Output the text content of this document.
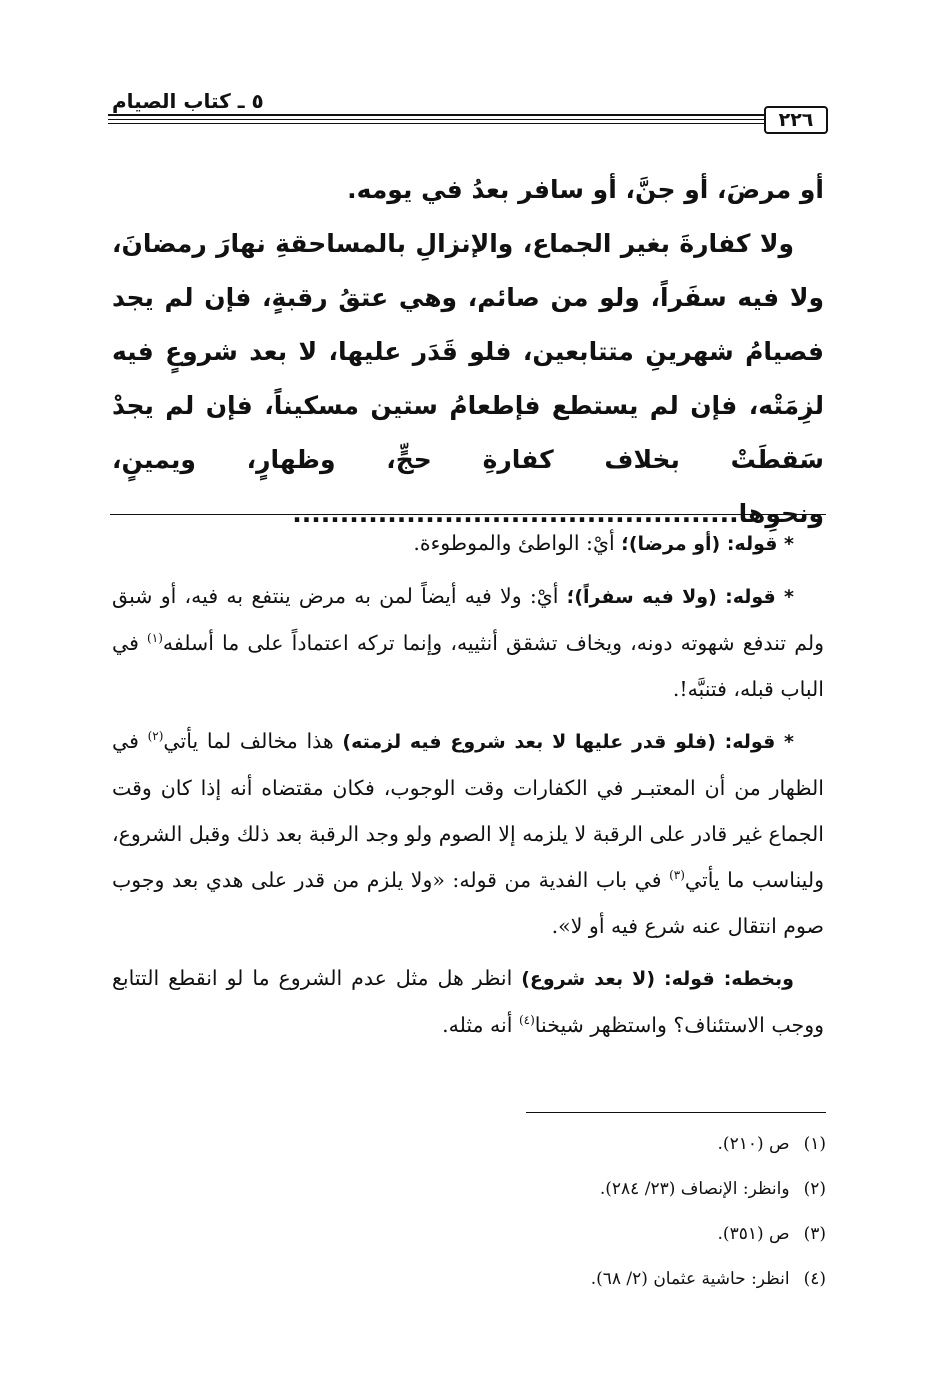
٢٢٦
٥ ـ كتاب الصيام

أو مرضَ، أو جنَّ، أو سافر بعدُ في يومه.

ولا كفارةَ بغير الجماع، والإنزالِ بالمساحقةِ نهارَ رمضانَ، ولا فيه سفَراً، ولو من صائم، وهي عتقُ رقبةٍ، فإن لم يجد فصيامُ شهرينِ متتابعين، فلو قَدَر عليها، لا بعد شروعٍ فيه لزِمَتْه، فإن لم يستطع فإطعامُ ستين مسكيناً، فإن لم يجدْ سَقطَتْ بخلاف كفارةِ حجٍّ، وظهارٍ، ويمينٍ، ونحوِها...............................................

* قوله: (أو مرضا)؛ أيْ: الواطئ والموطوءة.

* قوله: (ولا فيه سفراً)؛ أيْ: ولا فيه أيضاً لمن به مرض ينتفع به فيه، أو شبق ولم تندفع شهوته دونه، ويخاف تشقق أنثييه، وإنما تركه اعتماداً على ما أسلفه$^{(١)}$ في الباب قبله، فتنبَّه!.

* قوله: (فلو قدر عليها لا بعد شروع فيه لزمته) هذا مخالف لما يأتي$^{(٢)}$ في الظهار من أن المعتبـر في الكفارات وقت الوجوب، فكان مقتضاه أنه إذا كان وقت الجماع غير قادر على الرقبة لا يلزمه إلا الصوم ولو وجد الرقبة بعد ذلك وقبل الشروع، وليناسب ما يأتي$^{(٣)}$ في باب الفدية من قوله: «ولا يلزم من قدر على هدي بعد وجوب صوم انتقال عنه شرع فيه أو لا».

وبخطه: قوله: (لا بعد شروع) انظر هل مثل عدم الشروع ما لو انقطع التتابع ووجب الاستئناف؟ واستظهر شيخنا$^{(٤)}$ أنه مثله.

(١)ص (٢١٠).
(٢)وانظر: الإنصاف (٢٣/ ٢٨٤).
(٣)ص (٣٥١).
(٤)انظر: حاشية عثمان (٢/ ٦٨).
